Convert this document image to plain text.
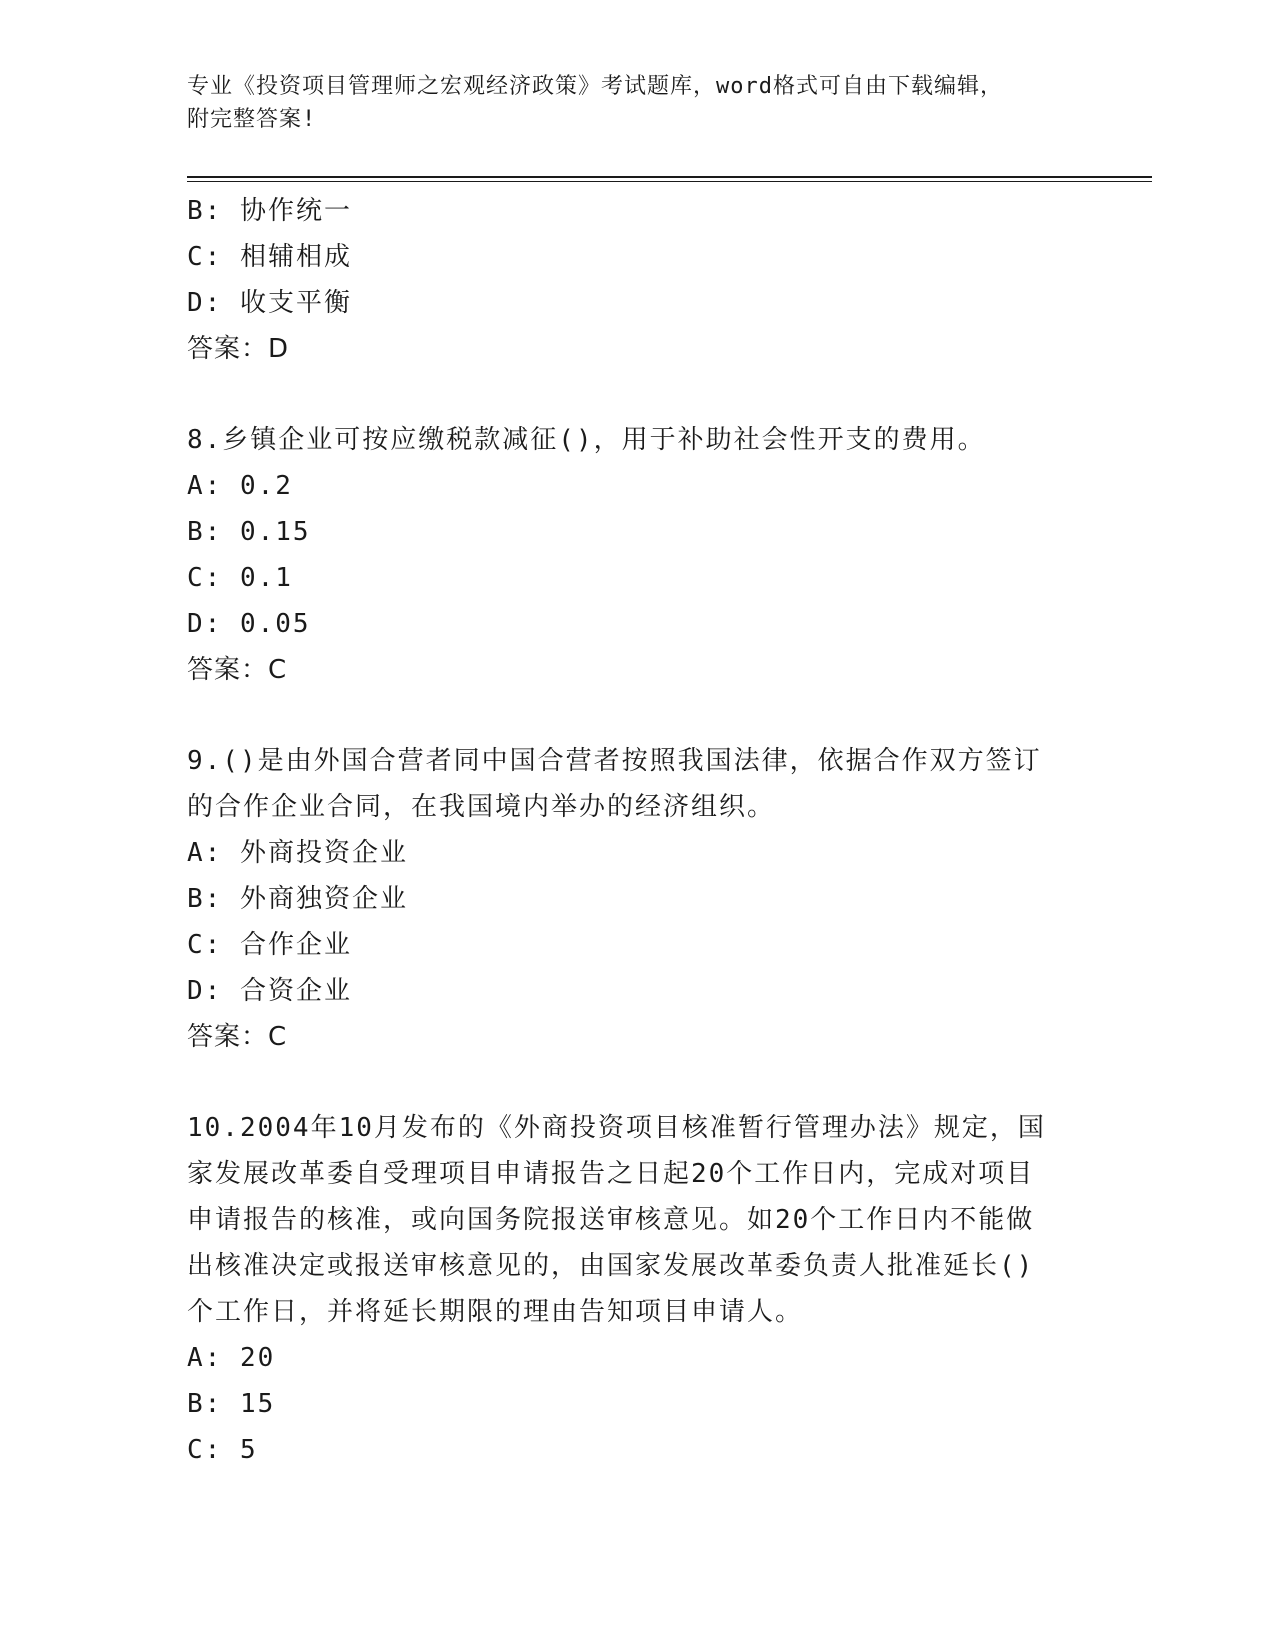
专业《投资项目管理师之宏观经济政策》考试题库，word格式可自由下载编辑，
附完整答案!
B: 协作统一
C: 相辅相成
D: 收支平衡
答案：D
8.乡镇企业可按应缴税款减征()，用于补助社会性开支的费用。
A: 0.2
B: 0.15
C: 0.1
D: 0.05
答案：C
9.()是由外国合营者同中国合营者按照我国法律，依据合作双方签订
的合作企业合同，在我国境内举办的经济组织。
A: 外商投资企业
B: 外商独资企业
C: 合作企业
D: 合资企业
答案：C
10.2004年10月发布的《外商投资项目核准暂行管理办法》规定，国
家发展改革委自受理项目申请报告之日起20个工作日内，完成对项目
申请报告的核准，或向国务院报送审核意见。如20个工作日内不能做
出核准决定或报送审核意见的，由国家发展改革委负责人批准延长()
个工作日，并将延长期限的理由告知项目申请人。
A: 20
B: 15
C: 5
